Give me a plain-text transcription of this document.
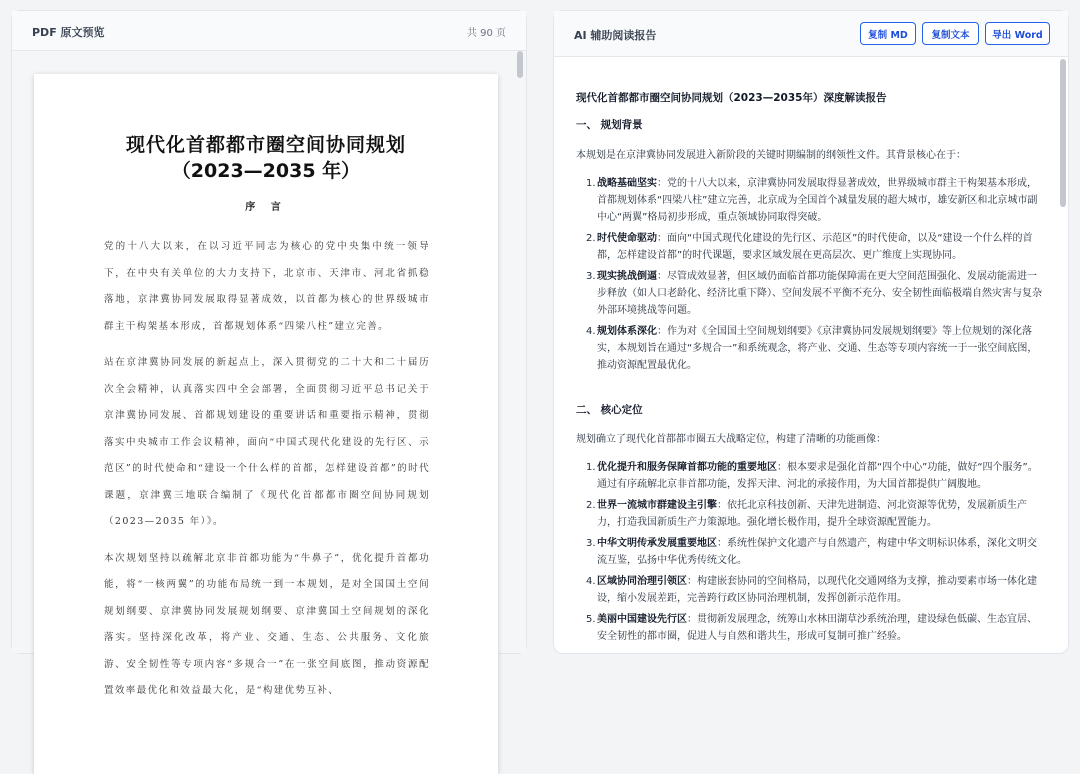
PDF 原文预览	共 90 页
现代化首都都市圈空间协同规划
（2023—2035 年）
序 言

党的十八大以来，在以习近平同志为核心的党中央集中统一领导下，在中央有关单位的大力支持下，北京市、天津市、河北省抓稳落地，京津冀协同发展取得显著成效，以首都为核心的世界级城市群主干构架基本形成，首都规划体系“四梁八柱”建立完善。

站在京津冀协同发展的新起点上，深入贯彻党的二十大和二十届历次全会精神，认真落实四中全会部署，全面贯彻习近平总书记关于京津冀协同发展、首都规划建设的重要讲话和重要指示精神，贯彻落实中央城市工作会议精神，面向“中国式现代化建设的先行区、示范区”的时代使命和“建设一个什么样的首都，怎样建设首都”的时代课题，京津冀三地联合编制了《现代化首都都市圈空间协同规划（2023—2035 年）》。

本次规划坚持以疏解北京非首都功能为“牛鼻子”，优化提升首都功能，将“一核两翼”的功能布局统一到一本规划，是对全国国土空间规划纲要、京津冀协同发展规划纲要、京津冀国土空间规划的深化落实。坚持深化改革，将产业、交通、生态、公共服务、文化旅游、安全韧性等专项内容“多规合一”在一张空间底图，推动资源配置效率最优化和效益最大化，是“构建优势互补、

AI 辅助阅读报告	复制 MD	复制文本	导出 Word
现代化首都都市圈空间协同规划（2023—2035年）深度解读报告
一、 规划背景
本规划是在京津冀协同发展进入新阶段的关键时期编制的纲领性文件。其背景核心在于：
1. 战略基础坚实：党的十八大以来，京津冀协同发展取得显著成效，世界级城市群主干构架基本形成，首都规划体系“四梁八柱”建立完善，北京成为全国首个减量发展的超大城市，雄安新区和北京城市副中心“两翼”格局初步形成，重点领域协同取得突破。
2. 时代使命驱动：面向“中国式现代化建设的先行区、示范区”的时代使命，以及“建设一个什么样的首都，怎样建设首都”的时代课题，要求区域发展在更高层次、更广维度上实现协同。
3. 现实挑战倒逼：尽管成效显著，但区域仍面临首都功能保障需在更大空间范围强化、发展动能需进一步释放（如人口老龄化、经济比重下降）、空间发展不平衡不充分、安全韧性面临极端自然灾害与复杂外部环境挑战等问题。
4. 规划体系深化：作为对《全国国土空间规划纲要》《京津冀协同发展规划纲要》等上位规划的深化落实，本规划旨在通过“多规合一”和系统观念，将产业、交通、生态等专项内容统一于一张空间底图，推动资源配置最优化。
二、 核心定位
规划确立了现代化首都都市圈五大战略定位，构建了清晰的功能画像：
1. 优化提升和服务保障首都功能的重要地区：根本要求是强化首都“四个中心”功能，做好“四个服务”。通过有序疏解北京非首都功能，发挥天津、河北的承接作用，为大国首都提供广阔腹地。
2. 世界一流城市群建设主引擎：依托北京科技创新、天津先进制造、河北资源等优势，发展新质生产力，打造我国新质生产力策源地。强化增长极作用，提升全球资源配置能力。
3. 中华文明传承发展重要地区：系统性保护文化遗产与自然遗产，构建中华文明标识体系，深化文明交流互鉴，弘扬中华优秀传统文化。
4. 区域协同治理引领区：构建嵌套协同的空间格局，以现代化交通网络为支撑，推动要素市场一体化建设，缩小发展差距，完善跨行政区协同治理机制，发挥创新示范作用。
5. 美丽中国建设先行区：贯彻新发展理念，统筹山水林田湖草沙系统治理，建设绿色低碳、生态宜居、安全韧性的都市圈，促进人与自然和谐共生，形成可复制可推广经验。
